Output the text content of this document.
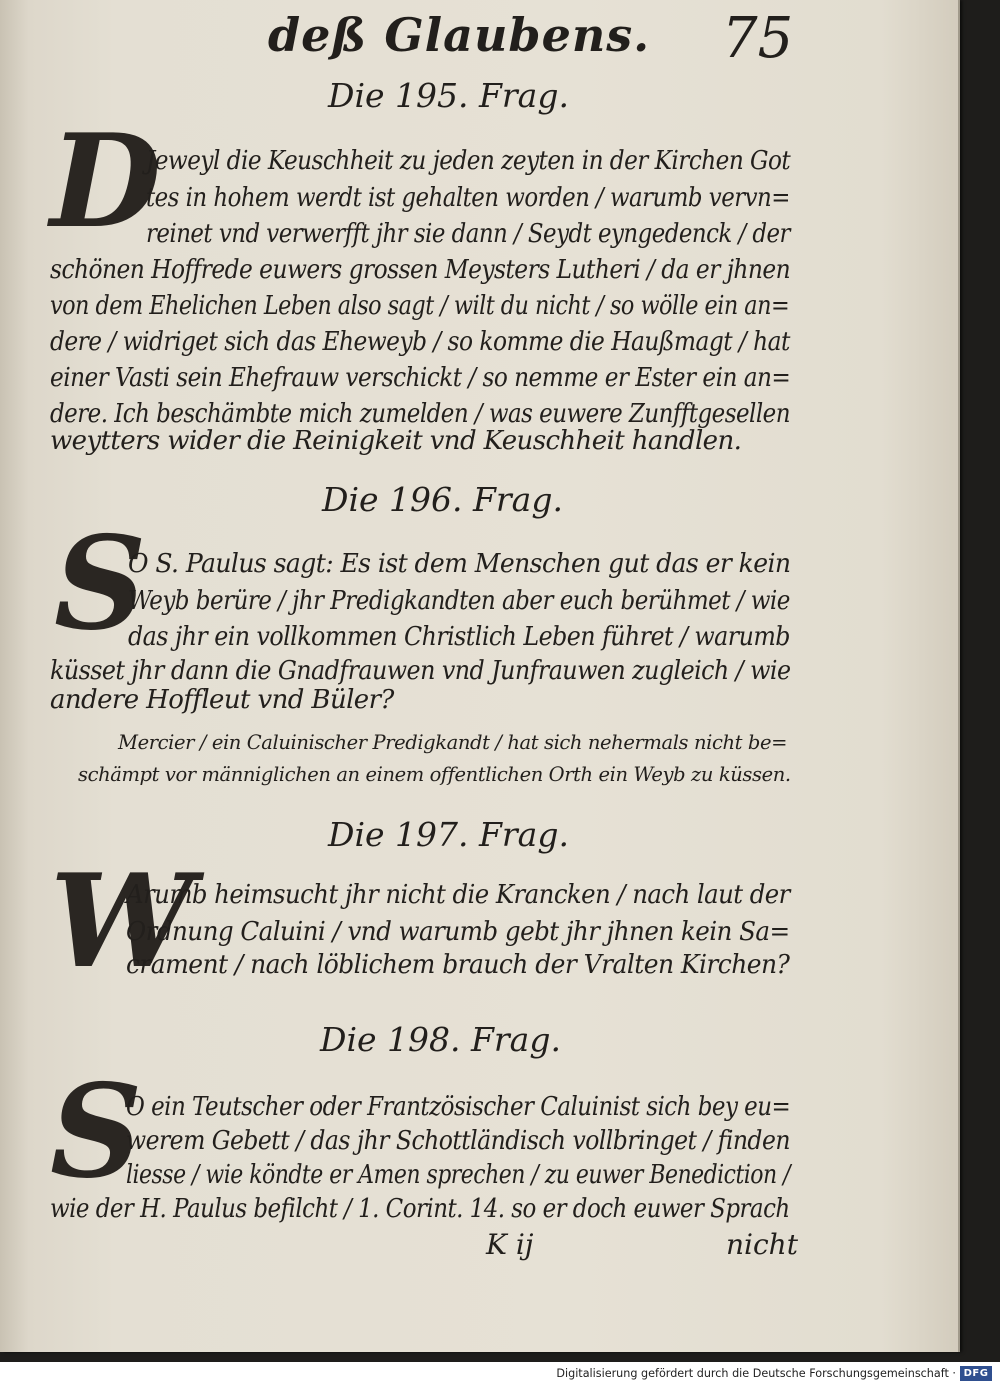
deß Glaubens. 75
Die 195. Frag.
D
Jeweyl die Keuschheit zu jeden zeyten in der Kirchen Got
tes in hohem werdt ist gehalten worden / warumb vervn=
reinet vnd verwerfft jhr sie dann / Seydt eyngedenck / der
schönen Hoffrede euwers grossen Meysters Lutheri / da er jhnen
von dem Ehelichen Leben also sagt / wilt du nicht / so wölle ein an=
dere / widriget sich das Eheweyb / so komme die Haußmagt / hat
einer Vasti sein Ehefrauw verschickt / so nemme er Ester ein an=
dere. Ich beschämbte mich zumelden / was euwere Zunfftgesellen
weytters wider die Reinigkeit vnd Keuschheit handlen.
Die 196. Frag.
S
O S. Paulus sagt: Es ist dem Menschen gut das er kein
Weyb berüre / jhr Predigkandten aber euch berühmet / wie
das jhr ein vollkommen Christlich Leben führet / warumb
küsset jhr dann die Gnadfrauwen vnd Junfrauwen zugleich / wie
andere Hoffleut vnd Büler?
Mercier / ein Caluinischer Predigkandt / hat sich nehermals nicht be=
schämpt vor männiglichen an einem offentlichen Orth ein Weyb zu küssen.
Die 197. Frag.
W
Arumb heimsucht jhr nicht die Krancken / nach laut der
Ordnung Caluini / vnd warumb gebt jhr jhnen kein Sa=
crament / nach löblichem brauch der Vralten Kirchen?
Die 198. Frag.
S
O ein Teutscher oder Frantzösischer Caluinist sich bey eu=
werem Gebett / das jhr Schottländisch vollbringet / finden
liesse / wie köndte er Amen sprechen / zu euwer Benediction /
wie der H. Paulus befilcht / 1. Corint. 14. so er doch euwer Sprach
K ij	nicht
Digitalisierung gefördert durch die Deutsche Forschungsgemeinschaft · DFG
